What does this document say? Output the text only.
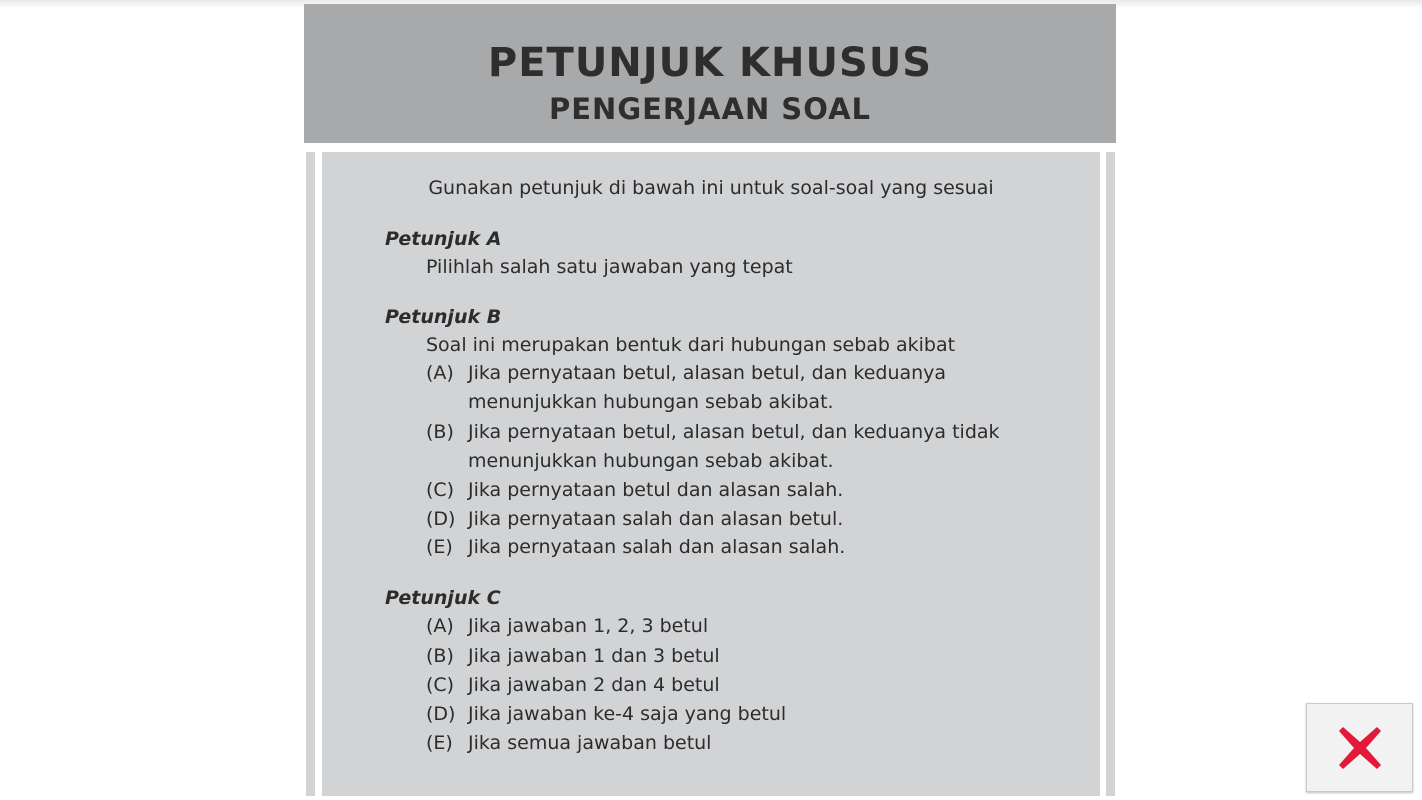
PETUNJUK KHUSUS
PENGERJAAN SOAL
Gunakan petunjuk di bawah ini untuk soal-soal yang sesuai
Petunjuk A
Pilihlah salah satu jawaban yang tepat
Petunjuk B
Soal ini merupakan bentuk dari hubungan sebab akibat
(A) Jika pernyataan betul, alasan betul, dan keduanya
menunjukkan hubungan sebab akibat.
(B) Jika pernyataan betul, alasan betul, dan keduanya tidak
menunjukkan hubungan sebab akibat.
(C) Jika pernyataan betul dan alasan salah.
(D) Jika pernyataan salah dan alasan betul.
(E) Jika pernyataan salah dan alasan salah.
Petunjuk C
(A) Jika jawaban 1, 2, 3 betul
(B) Jika jawaban 1 dan 3 betul
(C) Jika jawaban 2 dan 4 betul
(D) Jika jawaban ke-4 saja yang betul
(E) Jika semua jawaban betul
